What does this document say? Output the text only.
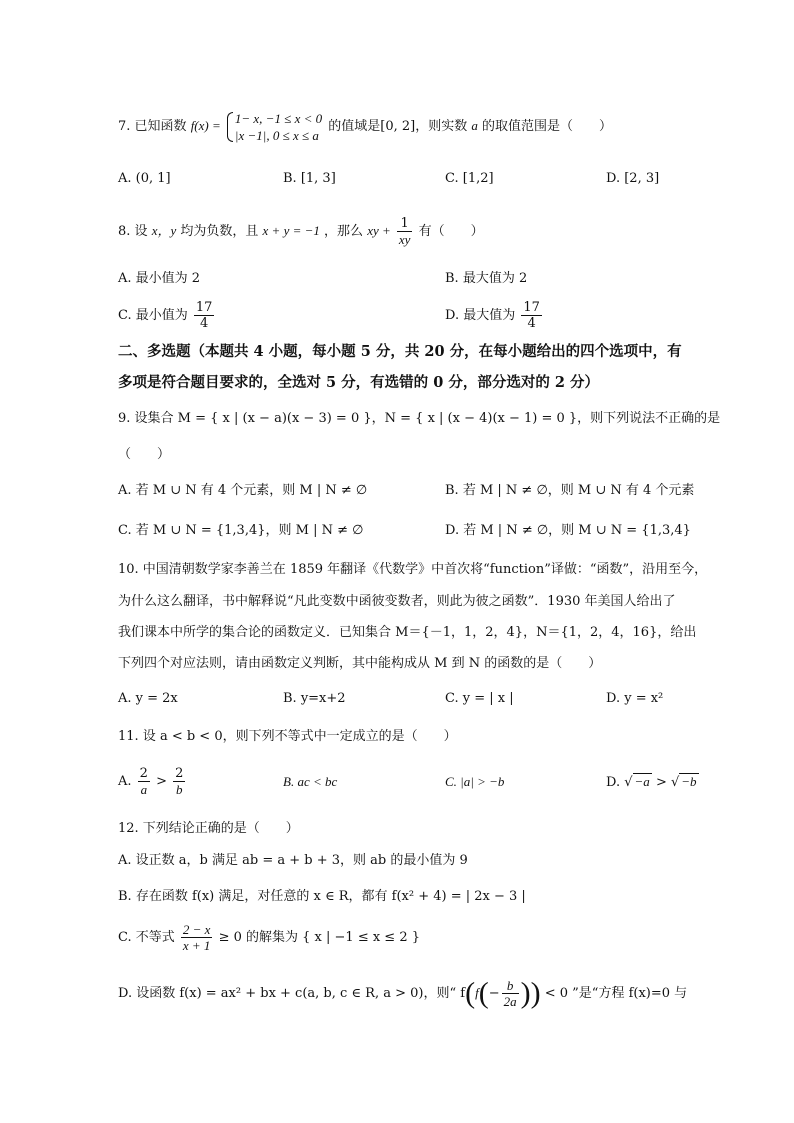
7. 已知函数 f(x) = 1− x, −1 ≤ x < 0
|x −1|, 0 ≤ x ≤ a
的值域是[0, 2]，则实数 a 的取值范围是（　　）
A. (0, 1]	B. [1, 3]	C. [1,2]	D. [2, 3]
8. 设 x，y 均为负数，且 x + y = −1 ，那么 xy + $\frac{1}{xy}$ 有（　　）
A. 最小值为 2	B. 最大值为 2
C. 最小值为 $\frac{17}{4}$	D. 最大值为 $\frac{17}{4}$
二、多选题（本题共 4 小题，每小题 5 分，共 20 分，在每小题给出的四个选项中，有
多项是符合题目要求的，全选对 5 分，有选错的 0 分，部分选对的 2 分）
9. 设集合 M = { x | (x − a)(x − 3) = 0 }，N = { x | (x − 4)(x − 1) = 0 }，则下列说法不正确的是
（　　）
A. 若 M ∪ N 有 4 个元素，则 M | N ≠ ∅	B. 若 M | N ≠ ∅，则 M ∪ N 有 4 个元素
C. 若 M ∪ N = {1,3,4}，则 M | N ≠ ∅	D. 若 M | N ≠ ∅，则 M ∪ N = {1,3,4}
10. 中国清朝数学家李善兰在 1859 年翻译《代数学》中首次将“function”译做：“函数”，沿用至今，
为什么这么翻译，书中解释说“凡此变数中函彼变数者，则此为彼之函数”．1930 年美国人给出了
我们课本中所学的集合论的函数定义．已知集合 M＝{－1，1，2，4}，N＝{1，2，4，16}，给出
下列四个对应法则，请由函数定义判断，其中能构成从 M 到 N 的函数的是（　　）
A. y = 2x	B. y=x+2	C. y = | x |	D. y = x²
11. 设 a < b < 0，则下列不等式中一定成立的是（　　）
A. $\frac{2}{a} > \frac{2}{b}$	B. ac < bc	C. |a| > −b	D. √ −a > √ −b
12. 下列结论正确的是（　　）
A. 设正数 a，b 满足 ab = a + b + 3，则 ab 的最小值为 9
B. 存在函数 f(x) 满足，对任意的 x ∈ R，都有 f(x² + 4) = | 2x − 3 |
C. 不等式 $\frac{2 - x}{x + 1} \ge 0$ 的解集为 { x | −1 ≤ x ≤ 2 }
D. 设函数 f(x) = ax² + bx + c(a, b, c ∈ R, a > 0)，则“ $f(f(- \frac{b}{2a}$ )) < 0 ”是“方程 f(x)=0 与
